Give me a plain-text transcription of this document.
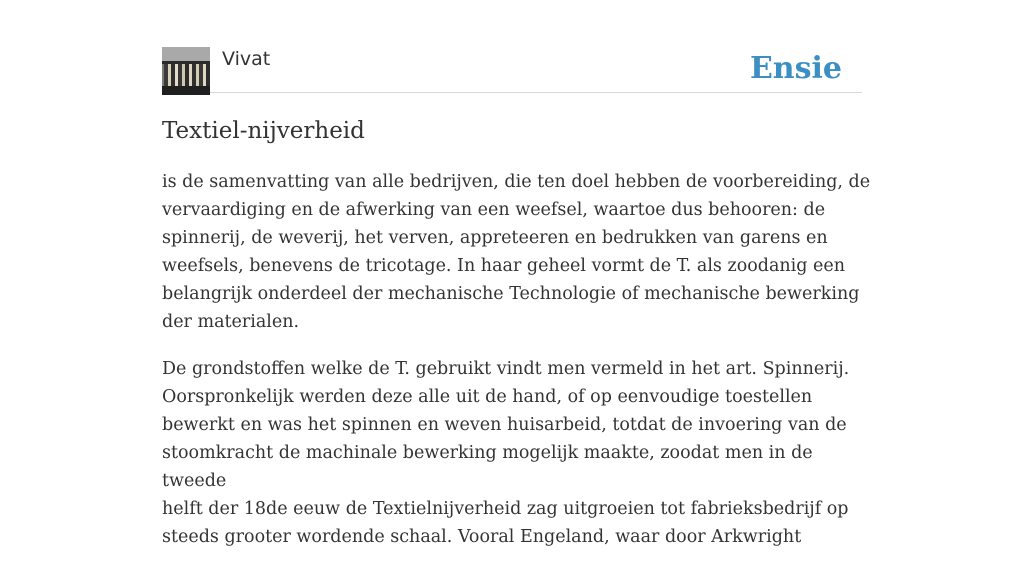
Vivat	Ensie
Textiel-nijverheid

is de samenvatting van alle bedrijven, die ten doel hebben de voorbereiding, de
vervaardiging en de afwerking van een weefsel, waartoe dus behooren: de
spinnerij, de weverij, het verven, appreteeren en bedrukken van garens en
weefsels, benevens de tricotage. In haar geheel vormt de T. als zoodanig een
belangrijk onderdeel der mechanische Technologie of mechanische bewerking
der materialen.

De grondstoffen welke de T. gebruikt vindt men vermeld in het art. Spinnerij.
Oorspronkelijk werden deze alle uit de hand, of op eenvoudige toestellen
bewerkt en was het spinnen en weven huisarbeid, totdat de invoering van de
stoomkracht de machinale bewerking mogelijk maakte, zoodat men in de tweede
helft der 18de eeuw de Textielnijverheid zag uitgroeien tot fabrieksbedrijf op
steeds grooter wordende schaal. Vooral Engeland, waar door Arkwright
